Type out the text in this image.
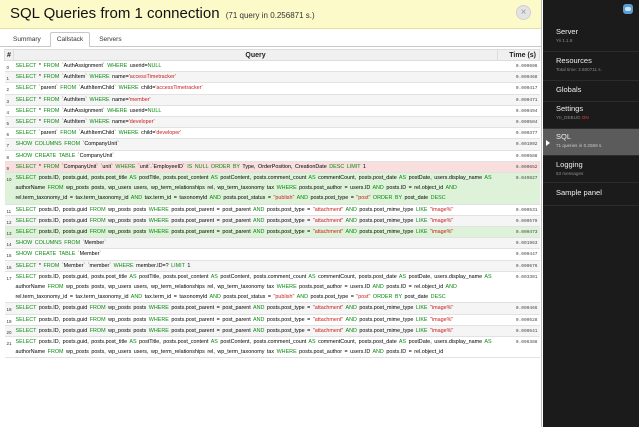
SQL Queries from 1 connection (71 query in 0.256871 s.)	×
Summary	Callstack	Servers
#	Query	Time (s)
0	SELECT * FROM `AuthAssignment` WHERE userid=NULL	0.000606
1	SELECT * FROM `AuthItem` WHERE name='accessTimetracker'	0.000468
2	SELECT `parent` FROM `AuthItemChild` WHERE child='accessTimetracker'	0.000417
3	SELECT * FROM `AuthItem` WHERE name='member'	0.000471
4	SELECT * FROM `AuthAssignment` WHERE userid=NULL	0.000494
5	SELECT * FROM `AuthItem` WHERE name='developer'	0.000504
6	SELECT `parent` FROM `AuthItemChild` WHERE child='developer'	0.000377
7	SHOW COLUMNS FROM `CompanyUnit`	0.001992
8	SHOW CREATE TABLE `CompanyUnit`	0.000588
9	SELECT * FROM `CompanyUnit` `unit` WHERE `unit`.`EmployeeID` IS NULL ORDER BY Type, OrderPosition, CreationDate DESC LIMIT 1	0.000652
10	SELECT posts.ID, posts.guid, posts.post_title AS postTitle, posts.post_content AS postContent, posts.comment_count AS commentCount, posts.post_date AS postDate, users.display_name AS authorName FROM wp_posts posts, wp_users users, wp_term_relationships rel, wp_term_taxonomy tax WHERE posts.post_author = users.ID AND posts.ID = rel.object_id AND rel.term_taxonomy_id = tax.term_taxonomy_id AND tax.term_id = taxonomyId AND posts.post_status = "publish" AND posts.post_type = "post" ORDER BY post_date DESC	0.049827
11	SELECT posts.ID, posts.guid FROM wp_posts posts WHERE posts.post_parent = post_parent AND posts.post_type = "attachment" AND posts.post_mime_type LIKE "image%"	0.000531
12	SELECT posts.ID, posts.guid FROM wp_posts posts WHERE posts.post_parent = post_parent AND posts.post_type = "attachment" AND posts.post_mime_type LIKE "image%"	0.000579
13	SELECT posts.ID, posts.guid FROM wp_posts posts WHERE posts.post_parent = post_parent AND posts.post_type = "attachment" AND posts.post_mime_type LIKE "image%"	0.000473
14	SHOW COLUMNS FROM `Member`	0.001963
15	SHOW CREATE TABLE `Member`	0.000447
16	SELECT * FROM `Member` `member` WHERE member.ID=? LIMIT 1	0.000676
17	SELECT posts.ID, posts.guid, posts.post_title AS postTitle, posts.post_content AS postContent, posts.comment_count AS commentCount, posts.post_date AS postDate, users.display_name AS authorName FROM wp_posts posts, wp_users users, wp_term_relationships rel, wp_term_taxonomy tax WHERE posts.post_author = users.ID AND posts.ID = rel.object_id AND rel.term_taxonomy_id = tax.term_taxonomy_id AND tax.term_id = taxonomyId AND posts.post_status = "publish" AND posts.post_type = "post" ORDER BY post_date DESC	0.003301
18	SELECT posts.ID, posts.guid FROM wp_posts posts WHERE posts.post_parent = post_parent AND posts.post_type = "attachment" AND posts.post_mime_type LIKE "image%"	0.000466
19	SELECT posts.ID, posts.guid FROM wp_posts posts WHERE posts.post_parent = post_parent AND posts.post_type = "attachment" AND posts.post_mime_type LIKE "image%"	0.000528
20	SELECT posts.ID, posts.guid FROM wp_posts posts WHERE posts.post_parent = post_parent AND posts.post_type = "attachment" AND posts.post_mime_type LIKE "image%"	0.000541
21	SELECT posts.ID, posts.guid, posts.post_title AS postTitle, posts.post_content AS postContent, posts.comment_count AS commentCount, posts.post_date AS postDate, users.display_name AS authorName FROM wp_posts posts, wp_users users, wp_term_relationships rel, wp_term_taxonomy tax WHERE posts.post_author = users.ID AND posts.ID = rel.object_id	0.096388
Server
Yii 1.1.8
Resources
Total time: 2.600711 s.
Globals
Settings
YII_DEBUG ON
SQL
71 queries in 0.2569 s.
Logging
63 messages
Sample panel
